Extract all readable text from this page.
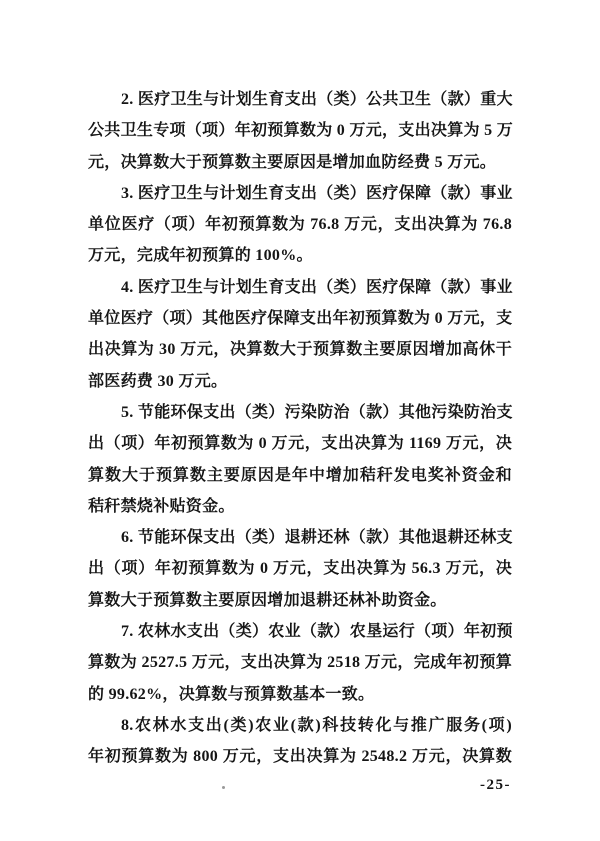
2. 医疗卫生与计划生育支出（类）公共卫生（款）重大
公共卫生专项（项）年初预算数为 0 万元，支出决算为 5 万
元，决算数大于预算数主要原因是增加血防经费 5 万元。
3. 医疗卫生与计划生育支出（类）医疗保障（款）事业
单位医疗（项）年初预算数为 76.8 万元，支出决算为 76.8
万元，完成年初预算的 100%。
4. 医疗卫生与计划生育支出（类）医疗保障（款）事业
单位医疗（项）其他医疗保障支出年初预算数为 0 万元，支
出决算为 30 万元，决算数大于预算数主要原因增加高休干
部医药费 30 万元。
5. 节能环保支出（类）污染防治（款）其他污染防治支
出（项）年初预算数为 0 万元，支出决算为 1169 万元，决
算数大于预算数主要原因是年中增加秸秆发电奖补资金和
秸秆禁烧补贴资金。
6. 节能环保支出（类）退耕还林（款）其他退耕还林支
出（项）年初预算数为 0 万元，支出决算为 56.3 万元，决
算数大于预算数主要原因增加退耕还林补助资金。
7. 农林水支出（类）农业（款）农垦运行（项）年初预
算数为 2527.5 万元，支出决算为 2518 万元，完成年初预算
的 99.62%，决算数与预算数基本一致。
8.农林水支出(类)农业(款)科技转化与推广服务(项)
年初预算数为 800 万元，支出决算为 2548.2 万元，决算数
-25-
